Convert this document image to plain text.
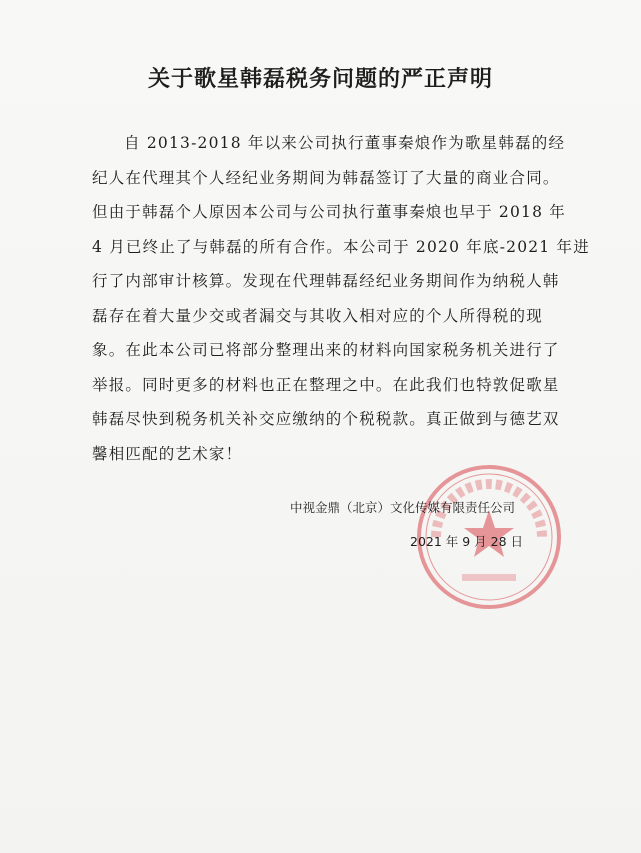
关于歌星韩磊税务问题的严正声明

自 2013-2018 年以来公司执行董事秦烺作为歌星韩磊的经
纪人在代理其个人经纪业务期间为韩磊签订了大量的商业合同。
但由于韩磊个人原因本公司与公司执行董事秦烺也早于 2018 年
4 月已终止了与韩磊的所有合作。本公司于 2020 年底-2021 年进
行了内部审计核算。发现在代理韩磊经纪业务期间作为纳税人韩
磊存在着大量少交或者漏交与其收入相对应的个人所得税的现
象。在此本公司已将部分整理出来的材料向国家税务机关进行了
举报。同时更多的材料也正在整理之中。在此我们也特敦促歌星
韩磊尽快到税务机关补交应缴纳的个税税款。真正做到与德艺双
馨相匹配的艺术家！

中视金鼎（北京）文化传媒有限责任公司
2021 年 9 月 28 日
